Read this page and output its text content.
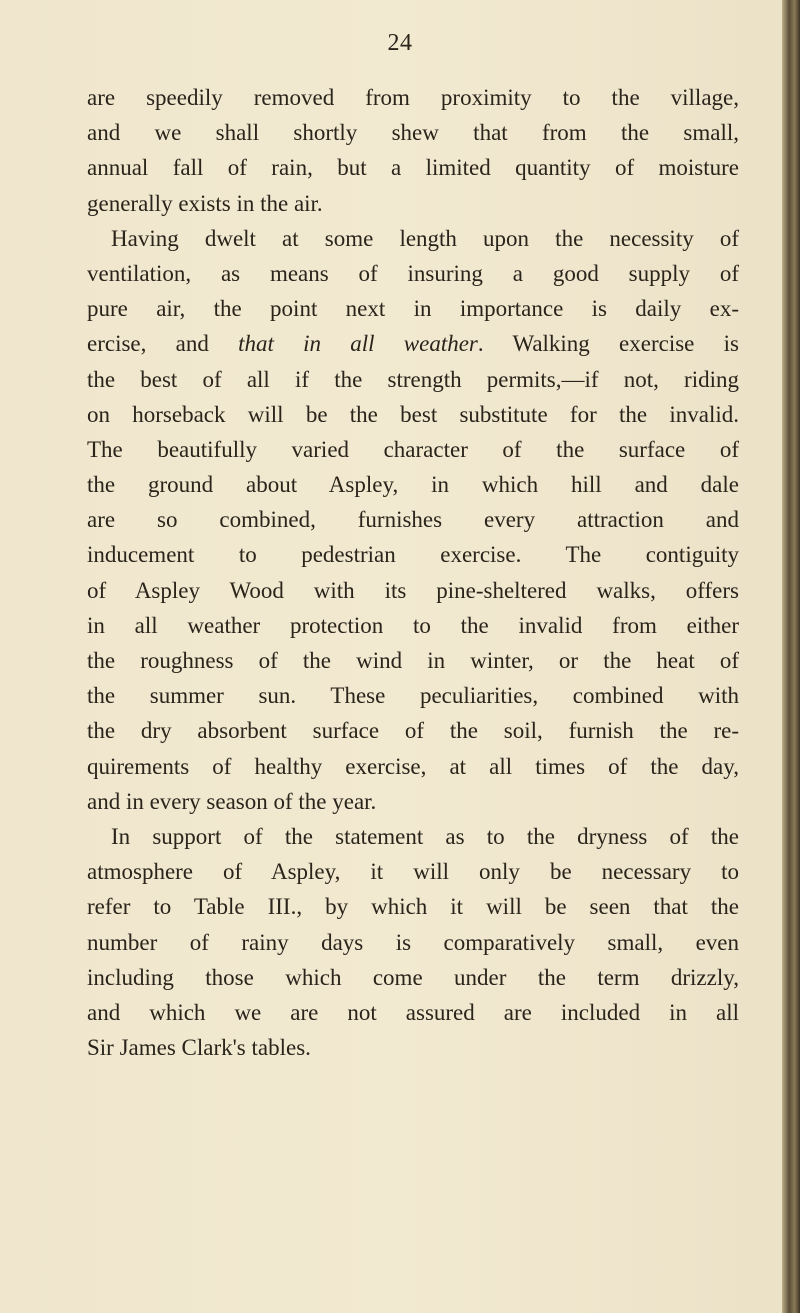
24

are speedily removed from proximity to the village,
and we shall shortly shew that from the small,
annual fall of rain, but a limited quantity of moisture
generally exists in the air.
Having dwelt at some length upon the necessity of
ventilation, as means of insuring a good supply of
pure air, the point next in importance is daily ex-
ercise, and that in all weather. Walking exercise is
the best of all if the strength permits,—if not, riding
on horseback will be the best substitute for the invalid.
The beautifully varied character of the surface of
the ground about Aspley, in which hill and dale
are so combined, furnishes every attraction and
inducement to pedestrian exercise. The contiguity
of Aspley Wood with its pine-sheltered walks, offers
in all weather protection to the invalid from either
the roughness of the wind in winter, or the heat of
the summer sun. These peculiarities, combined with
the dry absorbent surface of the soil, furnish the re-
quirements of healthy exercise, at all times of the day,
and in every season of the year.
In support of the statement as to the dryness of the
atmosphere of Aspley, it will only be necessary to
refer to Table III., by which it will be seen that the
number of rainy days is comparatively small, even
including those which come under the term drizzly,
and which we are not assured are included in all
Sir James Clark's tables.
